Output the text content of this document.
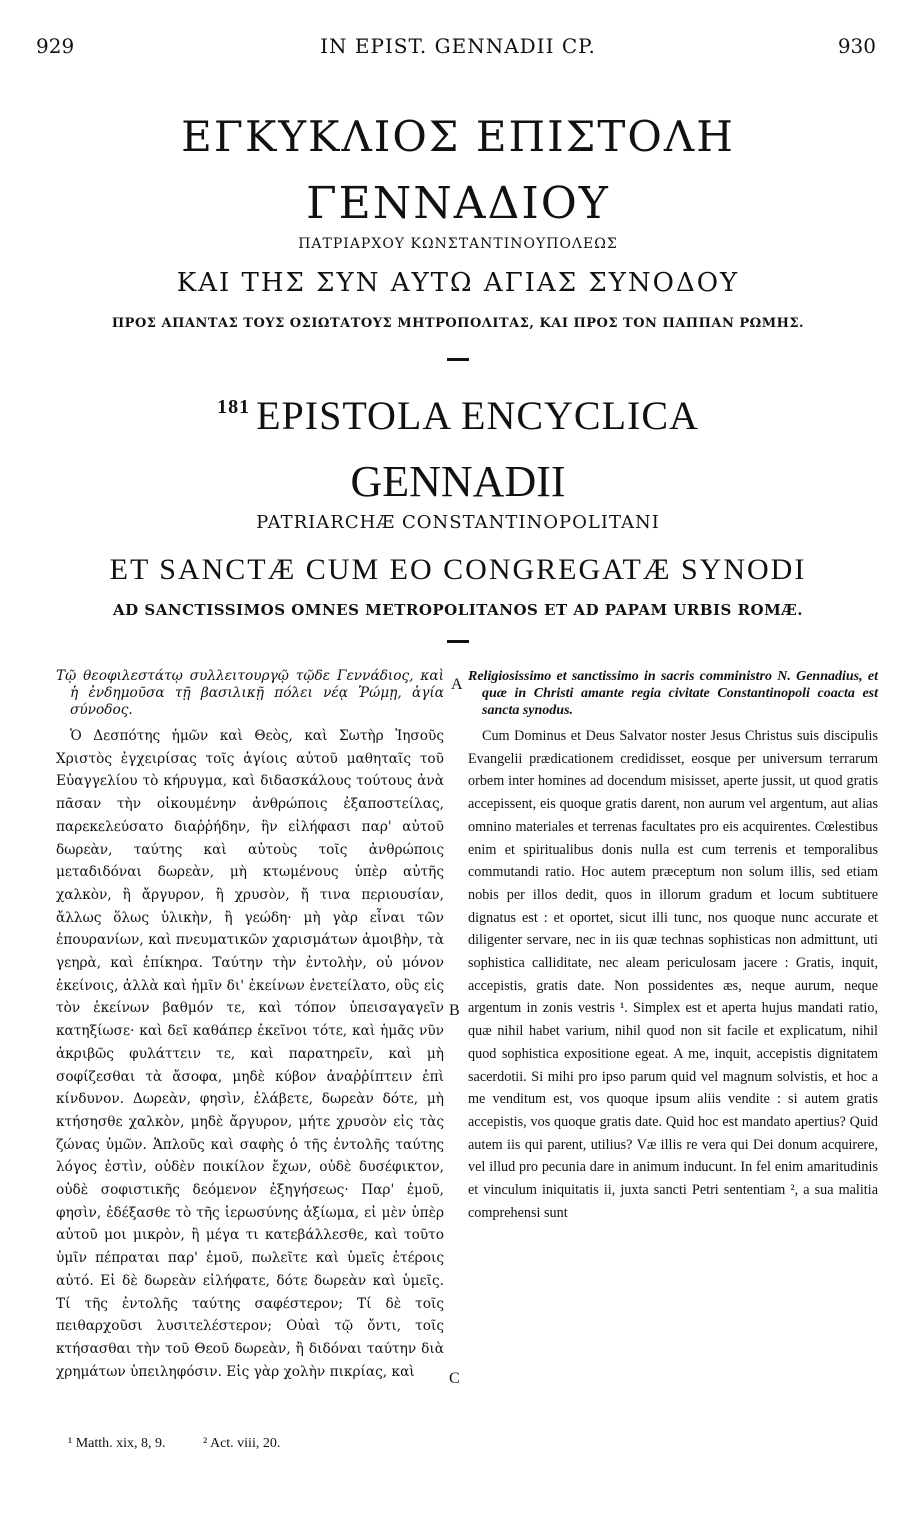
929	IN EPIST. GENNADII CP.	930
ΕΓΚΥΚΛΙΟΣ ΕΠΙΣΤΟΛΗ
ΓΕΝΝΑΔΙΟΥ
ΠΑΤΡΙΑΡΧΟΥ ΚΩΝΣΤΑΝΤΙΝΟΥΠΟΛΕΩΣ
ΚΑΙ ΤΗΣ ΣΥΝ ΑΥΤΩ ΑΓΙΑΣ ΣΥΝΟΔΟΥ
ΠΡΟΣ ΑΠΑΝΤΑΣ ΤΟΥΣ ΟΣΙΩΤΑΤΟΥΣ ΜΗΤΡΟΠΟΛΙΤΑΣ, ΚΑΙ ΠΡΟΣ ΤΟΝ ΠΑΠΠΑΝ ΡΩΜΗΣ.
$^{181}$ EPISTOLA ENCYCLICA
GENNADII
PATRIARCHÆ CONSTANTINOPOLITANI
ET SANCTÆ CUM EO CONGREGATÆ SYNODI
AD SANCTISSIMOS OMNES METROPOLITANOS ET AD PAPAM URBIS ROMÆ.
Τῷ θεοφιλεστάτῳ συλλειτουργῷ τῷδε Γεννάδιος, καὶ ἡ ἐνδημοῦσα τῇ βασιλικῇ πόλει νέᾳ Ῥώμῃ, ἁγία σύνοδος.

Ὁ Δεσπότης ἡμῶν καὶ Θεὸς, καὶ Σωτὴρ Ἰησοῦς Χριστὸς ἐγχειρίσας τοῖς ἁγίοις αὐτοῦ μαθηταῖς τοῦ Εὐαγγελίου τὸ κήρυγμα, καὶ διδασκάλους τούτους ἀνὰ πᾶσαν τὴν οἰκουμένην ἀνθρώποις ἐξαποστείλας, παρεκελεύσατο διαῤῥήδην, ἣν εἰλήφασι παρ' αὐτοῦ δωρεὰν, ταύτης καὶ αὐτοὺς τοῖς ἀνθρώποις μεταδιδόναι δωρεὰν, μὴ κτωμένους ὑπὲρ αὐτῆς χαλκὸν, ἢ ἄργυρον, ἢ χρυσὸν, ἤ τινα περιουσίαν, ἄλλως ὅλως ὑλικὴν, ἢ γεώδη· μὴ γὰρ εἶναι τῶν ἐπουρανίων, καὶ πνευματικῶν χαρισμάτων ἀμοιβὴν, τὰ γεηρὰ, καὶ ἐπίκηρα. Ταύτην τὴν ἐντολὴν, οὐ μόνον ἐκείνοις, ἀλλὰ καὶ ἡμῖν δι' ἐκείνων ἐνετείλατο, οὓς εἰς τὸν ἐκείνων βαθμόν τε, καὶ τόπον ὑπεισαγαγεῖν κατηξίωσε· καὶ δεῖ καθάπερ ἐκεῖνοι τότε, καὶ ἡμᾶς νῦν ἀκριβῶς φυλάττειν τε, καὶ παρατηρεῖν, καὶ μὴ σοφίζεσθαι τὰ ἄσοφα, μηδὲ κύβον ἀναῤῥίπτειν ἐπὶ κίνδυνον. Δωρεὰν, φησὶν, ἐλάβετε, δωρεὰν δότε, μὴ κτήσησθε χαλκὸν, μηδὲ ἄργυρον, μήτε χρυσὸν εἰς τὰς ζώνας ὑμῶν. Ἁπλοῦς καὶ σαφὴς ὁ τῆς ἐντολῆς ταύτης λόγος ἐστὶν, οὐδὲν ποικίλον ἔχων, οὐδὲ δυσέφικτον, οὐδὲ σοφιστικῆς δεόμενον ἐξηγήσεως· Παρ' ἐμοῦ, φησὶν, ἐδέξασθε τὸ τῆς ἱερωσύνης ἀξίωμα, εἰ μὲν ὑπὲρ αὐτοῦ μοι μικρὸν, ἢ μέγα τι κατεβάλλεσθε, καὶ τοῦτο ὑμῖν πέπραται παρ' ἐμοῦ, πωλεῖτε καὶ ὑμεῖς ἑτέροις αὐτό. Εἰ δὲ δωρεὰν εἰλήφατε, δότε δωρεὰν καὶ ὑμεῖς. Τί τῆς ἐντολῆς ταύτης σαφέστερον; Τί δὲ τοῖς πειθαρχοῦσι λυσιτελέστερον; Οὐαὶ τῷ ὄντι, τοῖς κτήσασθαι τὴν τοῦ Θεοῦ δωρεὰν, ἢ διδόναι ταύτην διὰ χρημάτων ὑπειληφόσιν. Εἰς γὰρ χολὴν πικρίας, καὶ

Religiosissimo et sanctissimo in sacris comministro N. Gennadius, et quæ in Christi amante regia civitate Constantinopoli coacta est sancta synodus.

Cum Dominus et Deus Salvator noster Jesus Christus suis discipulis Evangelii prædicationem credidisset, eosque per universum terrarum orbem inter homines ad docendum misisset, aperte jussit, ut quod gratis accepissent, eis quoque gratis darent, non aurum vel argentum, aut alias omnino materiales et terrenas facultates pro eis acquirentes. Cœlestibus enim et spiritualibus donis nulla est cum terrenis et temporalibus commutandi ratio. Hoc autem præceptum non solum illis, sed etiam nobis per illos dedit, quos in illorum gradum et locum subtituere dignatus est : et oportet, sicut illi tunc, nos quoque nunc accurate et diligenter servare, nec in iis quæ technas sophisticas non admittunt, uti sophistica calliditate, nec aleam periculosam jacere : Gratis, inquit, accepistis, gratis date. Non possidentes æs, neque aurum, neque argentum in zonis vestris ¹. Simplex est et aperta hujus mandati ratio, quæ nihil habet varium, nihil quod non sit facile et explicatum, nihil quod sophistica expositione egeat. A me, inquit, accepistis dignitatem sacerdotii. Si mihi pro ipso parum quid vel magnum solvistis, et hoc a me venditum est, vos quoque ipsum aliis vendite : si autem gratis accepistis, vos quoque gratis date. Quid hoc est mandato apertius? Quid autem iis qui parent, utilius? Væ illis re vera qui Dei donum acquirere, vel illud pro pecunia dare in animum inducunt. In fel enim amaritudinis et vinculum iniquitatis ii, juxta sancti Petri sententiam ², a sua malitia comprehensi sunt

A
B
C
¹ Matth. xix, 8, 9.	² Act. viii, 20.
